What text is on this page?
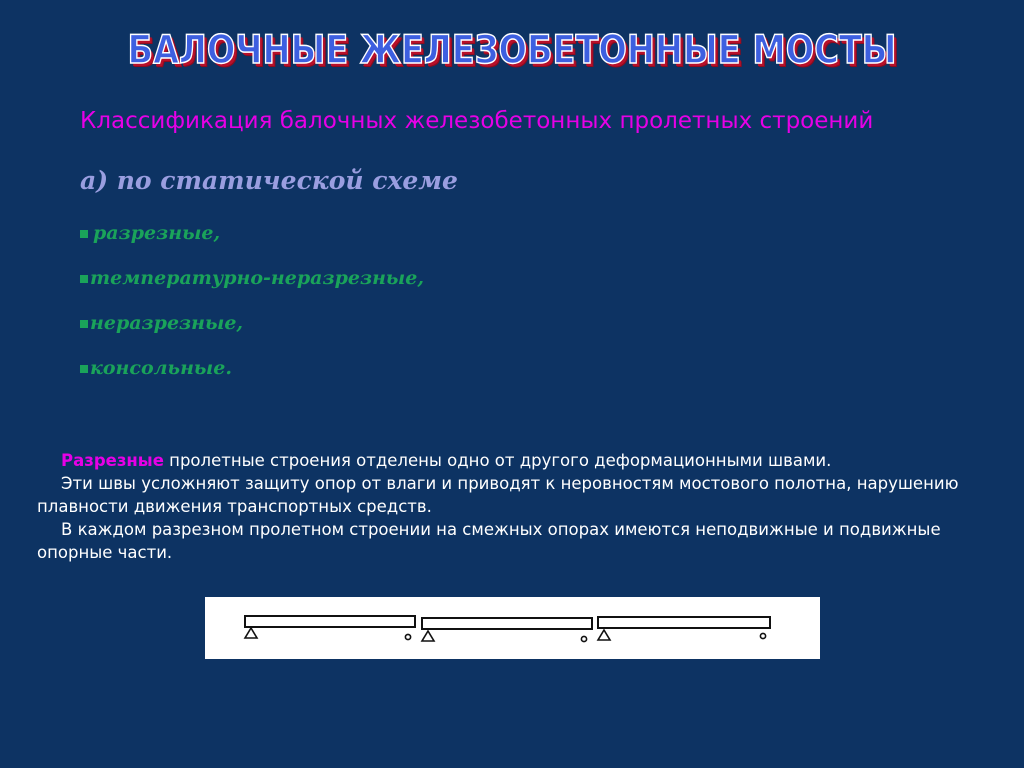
БАЛОЧНЫЕ ЖЕЛЕЗОБЕТОННЫЕ МОСТЫ
Классификация балочных железобетонных пролетных строений
а) по статической схеме
разрезные,
температурно-неразрезные,
неразрезные,
консольные.

Разрезные пролетные строения отделены одно от другого деформационными швами.

Эти швы усложняют защиту опор от влаги и приводят к неровностям мостового полотна, нарушению плавности движения транспортных средств.

В каждом разрезном пролетном строении на смежных опорах имеются неподвижные и подвижные опорные части.
